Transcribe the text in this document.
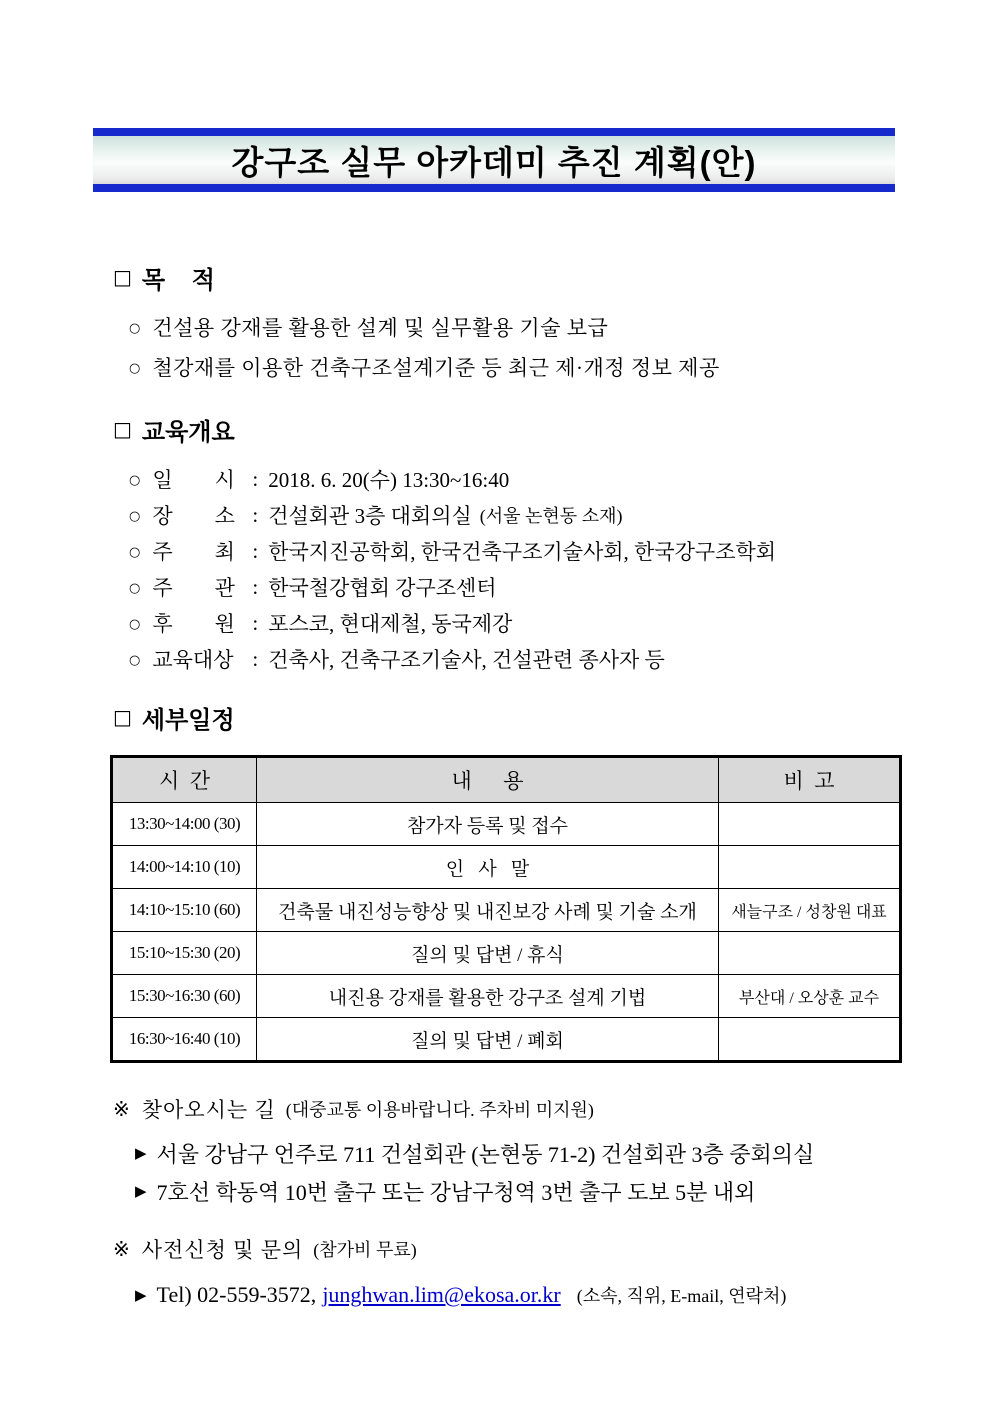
강구조 실무 아카데미 추진 계획(안)
□ 목    적
○ 건설용 강재를 활용한 설계 및 실무활용 기술 보급
○ 철강재를 이용한 건축구조설계기준 등 최근 제·개정 정보 제공
□ 교육개요
○ 일        시 : 2018. 6. 20(수) 13:30~16:40
○ 장        소 : 건설회관 3층 대회의실 (서울 논현동 소재)
○ 주        최 : 한국지진공학회, 한국건축구조기술사회, 한국강구조학회
○ 주        관 : 한국철강협회 강구조센터
○ 후        원 : 포스코, 현대제철, 동국제강
○ 교육대상 : 건축사, 건축구조기술사, 건설관련 종사자 등
□ 세부일정
시  간	내      용	비  고
13:30~14:00 (30)	참가자 등록 및 접수	
14:00~14:10 (10)	인   사   말	
14:10~15:10 (60)	건축물 내진성능향상 및 내진보강 사례 및 기술 소개	새늘구조 / 성창원 대표
15:10~15:30 (20)	질의 및 답변 / 휴식	
15:30~16:30 (60)	내진용 강재를 활용한 강구조 설계 기법	부산대 / 오상훈 교수
16:30~16:40 (10)	질의 및 답변 / 폐회	
※ 찾아오시는 길 (대중교통 이용바랍니다. 주차비 미지원)
▶ 서울 강남구 언주로 711 건설회관 (논현동 71-2) 건설회관 3층 중회의실
▶ 7호선 학동역 10번 출구 또는 강남구청역 3번 출구 도보 5분 내외
※ 사전신청 및 문의 (참가비 무료)
▶ Tel) 02-559-3572, junghwan.lim@ekosa.or.kr (소속, 직위, E-mail, 연락처)
